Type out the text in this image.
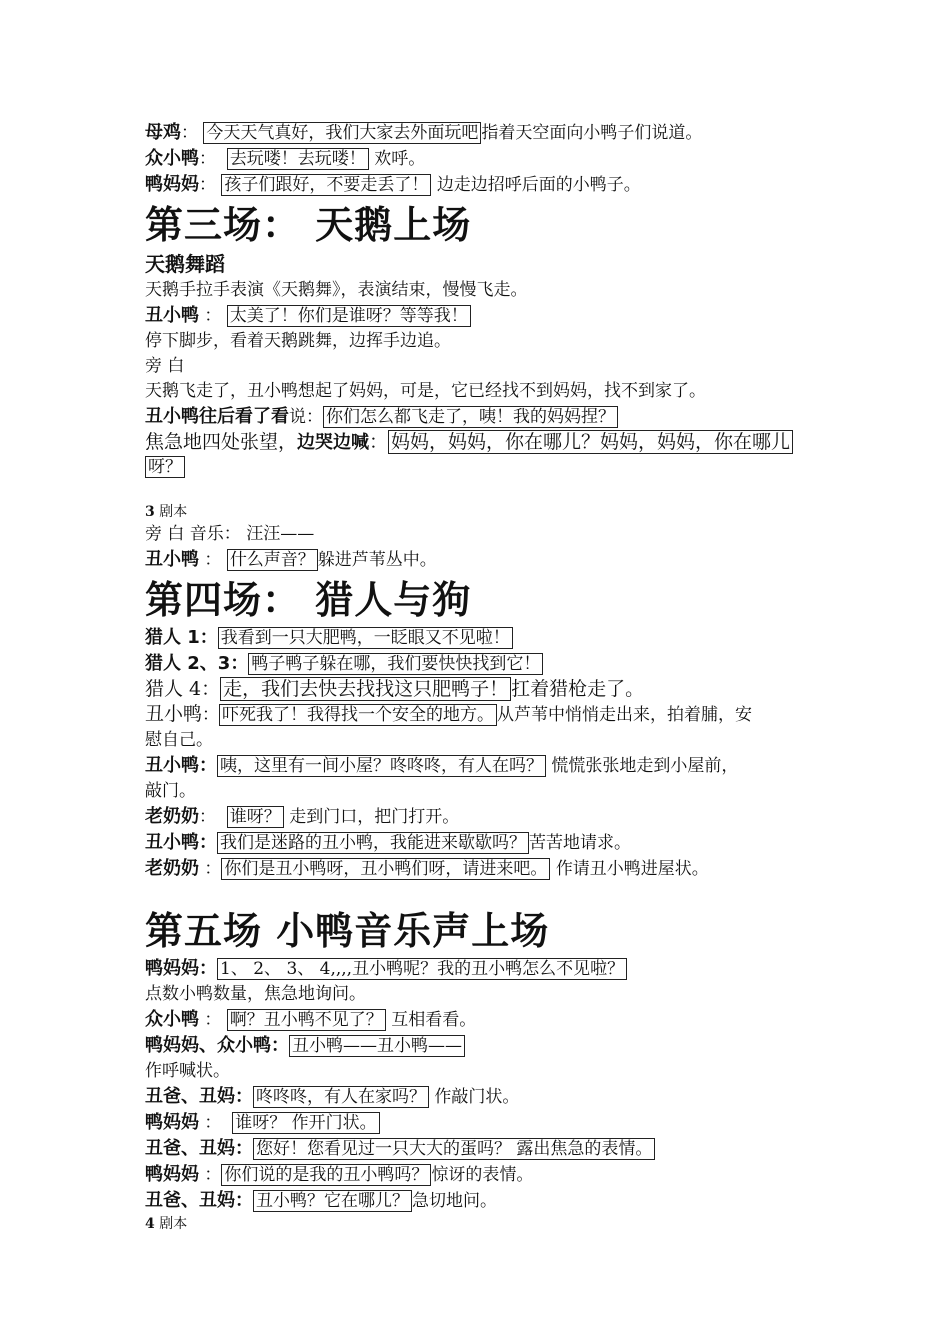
母鸡： 今天天气真好，我们大家去外面玩吧 指着天空面向小鸭子们说道。
众小鸭： 去玩喽！去玩喽！ 欢呼。
鸭妈妈： 孩子们跟好，不要走丢了！ 边走边招呼后面的小鸭子。
第三场： 天鹅上场
天鹅舞蹈
天鹅手拉手表演《天鹅舞》，表演结束，慢慢飞走。
丑小鸭 ： 太美了！你们是谁呀？等等我！
停下脚步，看着天鹅跳舞，边挥手边追。
旁 白
天鹅飞走了，丑小鸭想起了妈妈，可是，它已经找不到妈妈，找不到家了。
丑小鸭往后看了看说： 你们怎么都飞走了，咦！我的妈妈捏？
焦急地四处张望，边哭边喊： 妈妈，妈妈，你在哪儿？妈妈，妈妈，你在哪儿
呀？
3 剧本
旁 白 音乐： 汪汪——
丑小鸭 ： 什么声音？ 躲进芦苇丛中。
第四场： 猎人与狗
猎人 1： 我看到一只大肥鸭，一眨眼又不见啦！
猎人 2、3： 鸭子鸭子躲在哪，我们要快快找到它！
猎人 4： 走，我们去快去找找这只肥鸭子！ 扛着猎枪走了。
丑小鸭： 吓死我了！我得找一个安全的地方。 从芦苇中悄悄走出来，拍着脯，安
慰自己。
丑小鸭： 咦，这里有一间小屋？咚咚咚，有人在吗？ 慌慌张张地走到小屋前，
敲门。
老奶奶： 谁呀？ 走到门口，把门打开。
丑小鸭： 我们是迷路的丑小鸭，我能进来歇歇吗？ 苦苦地请求。
老奶奶 ： 你们是丑小鸭呀，丑小鸭们呀，请进来吧。 作请丑小鸭进屋状。
第五场 小鸭音乐声上场
鸭妈妈： 1、 2、 3、 4,,,,丑小鸭呢？我的丑小鸭怎么不见啦？
点数小鸭数量，焦急地询问。
众小鸭 ： 啊？丑小鸭不见了？ 互相看看。
鸭妈妈、众小鸭： 丑小鸭——丑小鸭——
作呼喊状。
丑爸、丑妈： 咚咚咚，有人在家吗？ 作敲门状。
鸭妈妈 ： 谁呀？ 作开门状。
丑爸、丑妈： 您好！您看见过一只大大的蛋吗？ 露出焦急的表情。
鸭妈妈 ： 你们说的是我的丑小鸭吗？ 惊讶的表情。
丑爸、丑妈： 丑小鸭？它在哪儿？ 急切地问。
4 剧本
